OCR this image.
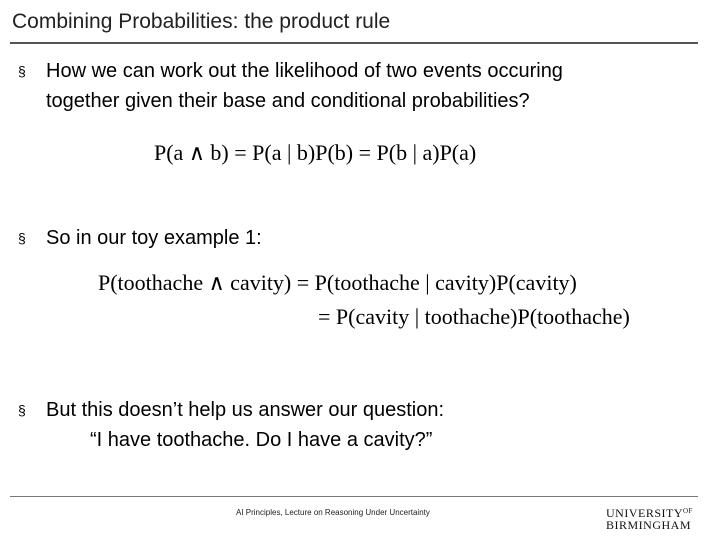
Combining Probabilities: the product rule
§ How we can work out the likelihood of two events occuring
together given their base and conditional probabilities?
P(a ∧ b) = P(a | b)P(b) = P(b | a)P(a)
§ So in our toy example 1:
P(toothache ∧ cavity) = P(toothache | cavity)P(cavity)
= P(cavity | toothache)P(toothache)
§ But this doesn’t help us answer our question:
“I have toothache. Do I have a cavity?”
AI Principles, Lecture on Reasoning Under Uncertainty	$UNIVERSITY^{OF}$
BIRMINGHAM
